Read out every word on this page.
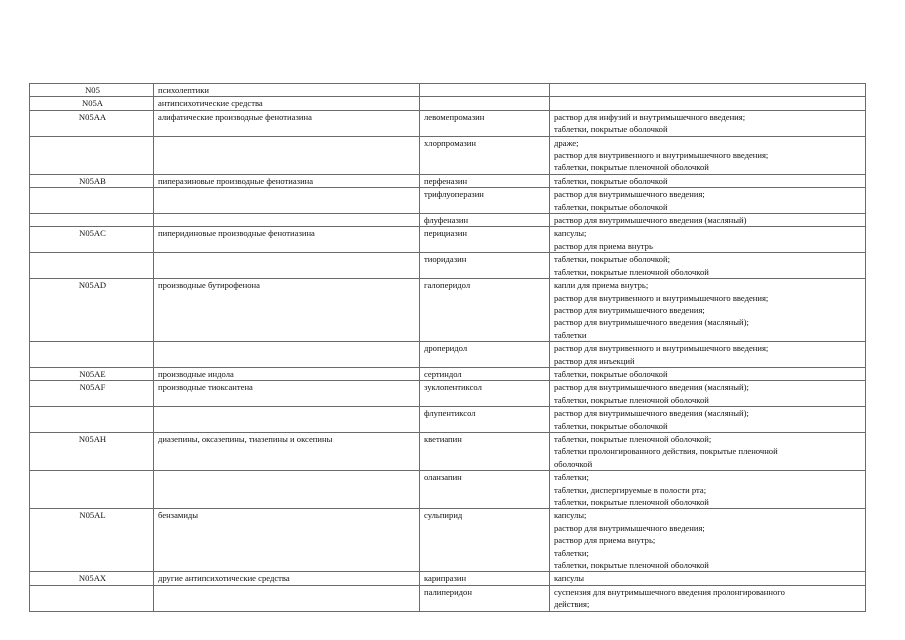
N05	психолептики		
N05A	антипсихотические средства		
N05AA	алифатические производные фенотиазина	левомепромазин	раствор для инфузий и внутримышечного введения;
таблетки, покрытые оболочкой
		хлорпромазин	драже;
раствор для внутривенного и внутримышечного введения;
таблетки, покрытые пленочной оболочкой
N05AB	пиперазиновые производные фенотиазина	перфеназин	таблетки, покрытые оболочкой
		трифлуоперазин	раствор для внутримышечного введения;
таблетки, покрытые оболочкой
		флуфеназин	раствор для внутримышечного введения (масляный)
N05AC	пиперидиновые производные фенотиазина	перициазин	капсулы;
раствор для приема внутрь
		тиоридазин	таблетки, покрытые оболочкой;
таблетки, покрытые пленочной оболочкой
N05AD	производные бутирофенона	галоперидол	капли для приема внутрь;
раствор для внутривенного и внутримышечного введения;
раствор для внутримышечного введения;
раствор для внутримышечного введения (масляный);
таблетки
		дроперидол	раствор для внутривенного и внутримышечного введения;
раствор для инъекций
N05AE	производные индола	сертиндол	таблетки, покрытые оболочкой
N05AF	производные тиоксантена	зуклопентиксол	раствор для внутримышечного введения (масляный);
таблетки, покрытые пленочной оболочкой
		флупентиксол	раствор для внутримышечного введения (масляный);
таблетки, покрытые оболочкой
N05AH	диазепины, оксазепины, тиазепины и оксепины	кветиапин	таблетки, покрытые пленочной оболочкой;
таблетки пролонгированного действия, покрытые пленочной
оболочкой
		оланзапин	таблетки;
таблетки, диспергируемые в полости рта;
таблетки, покрытые пленочной оболочкой
N05AL	бензамиды	сульпирид	капсулы;
раствор для внутримышечного введения;
раствор для приема внутрь;
таблетки;
таблетки, покрытые пленочной оболочкой
N05AX	другие антипсихотические средства	карипразин	капсулы
		палиперидон	суспензия для внутримышечного введения пролонгированного
действия;
